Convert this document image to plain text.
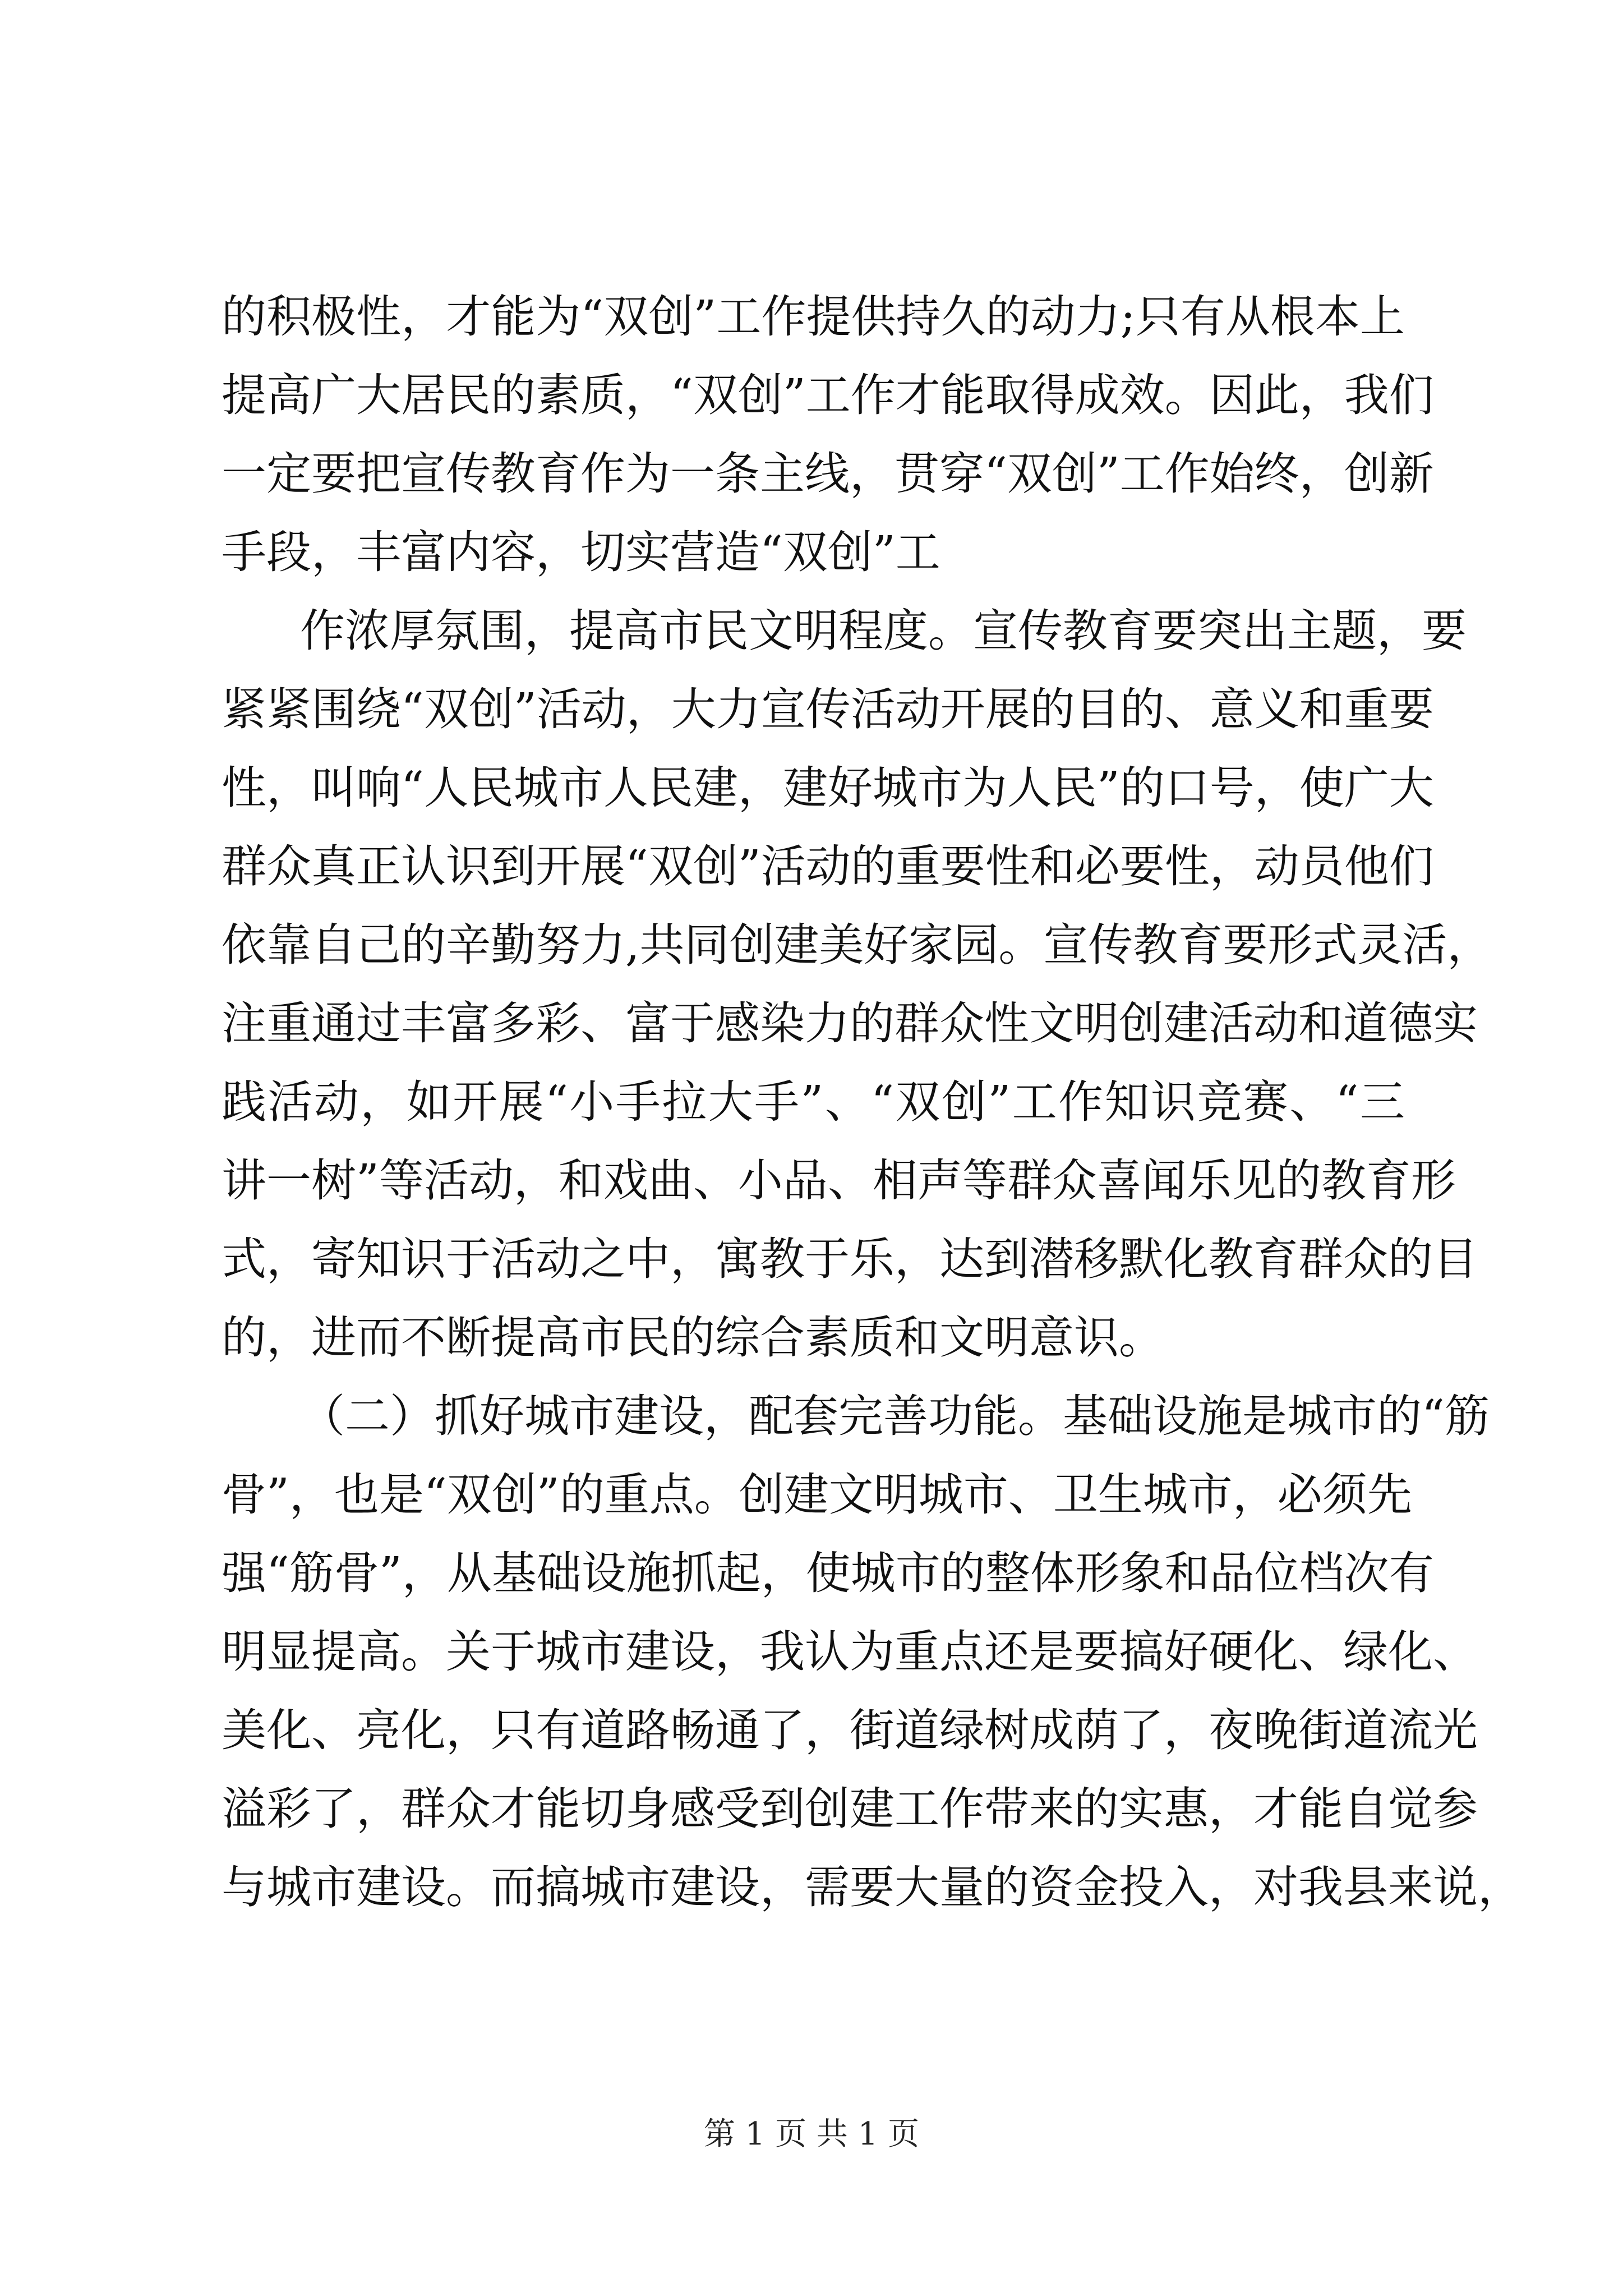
的积极性，才能为“双创”工作提供持久的动力;只有从根本上
提高广大居民的素质，“双创”工作才能取得成效。因此，我们
一定要把宣传教育作为一条主线，贯穿“双创”工作始终，创新
手段，丰富内容，切实营造“双创”工
作浓厚氛围，提高市民文明程度。宣传教育要突出主题，要
紧紧围绕“双创”活动，大力宣传活动开展的目的、意义和重要
性，叫响“人民城市人民建，建好城市为人民”的口号，使广大
群众真正认识到开展“双创”活动的重要性和必要性，动员他们
依靠自己的辛勤努力,共同创建美好家园。宣传教育要形式灵活，
注重通过丰富多彩、富于感染力的群众性文明创建活动和道德实
践活动，如开展“小手拉大手”、“双创”工作知识竞赛、“三
讲一树”等活动，和戏曲、小品、相声等群众喜闻乐见的教育形
式，寄知识于活动之中，寓教于乐，达到潜移默化教育群众的目
的，进而不断提高市民的综合素质和文明意识。
（二）抓好城市建设，配套完善功能。基础设施是城市的“筋
骨”，也是“双创”的重点。创建文明城市、卫生城市，必须先
强“筋骨”，从基础设施抓起，使城市的整体形象和品位档次有
明显提高。关于城市建设，我认为重点还是要搞好硬化、绿化、
美化、亮化，只有道路畅通了，街道绿树成荫了，夜晚街道流光
溢彩了，群众才能切身感受到创建工作带来的实惠，才能自觉参
与城市建设。而搞城市建设，需要大量的资金投入，对我县来说，
第 1 页 共 1 页
